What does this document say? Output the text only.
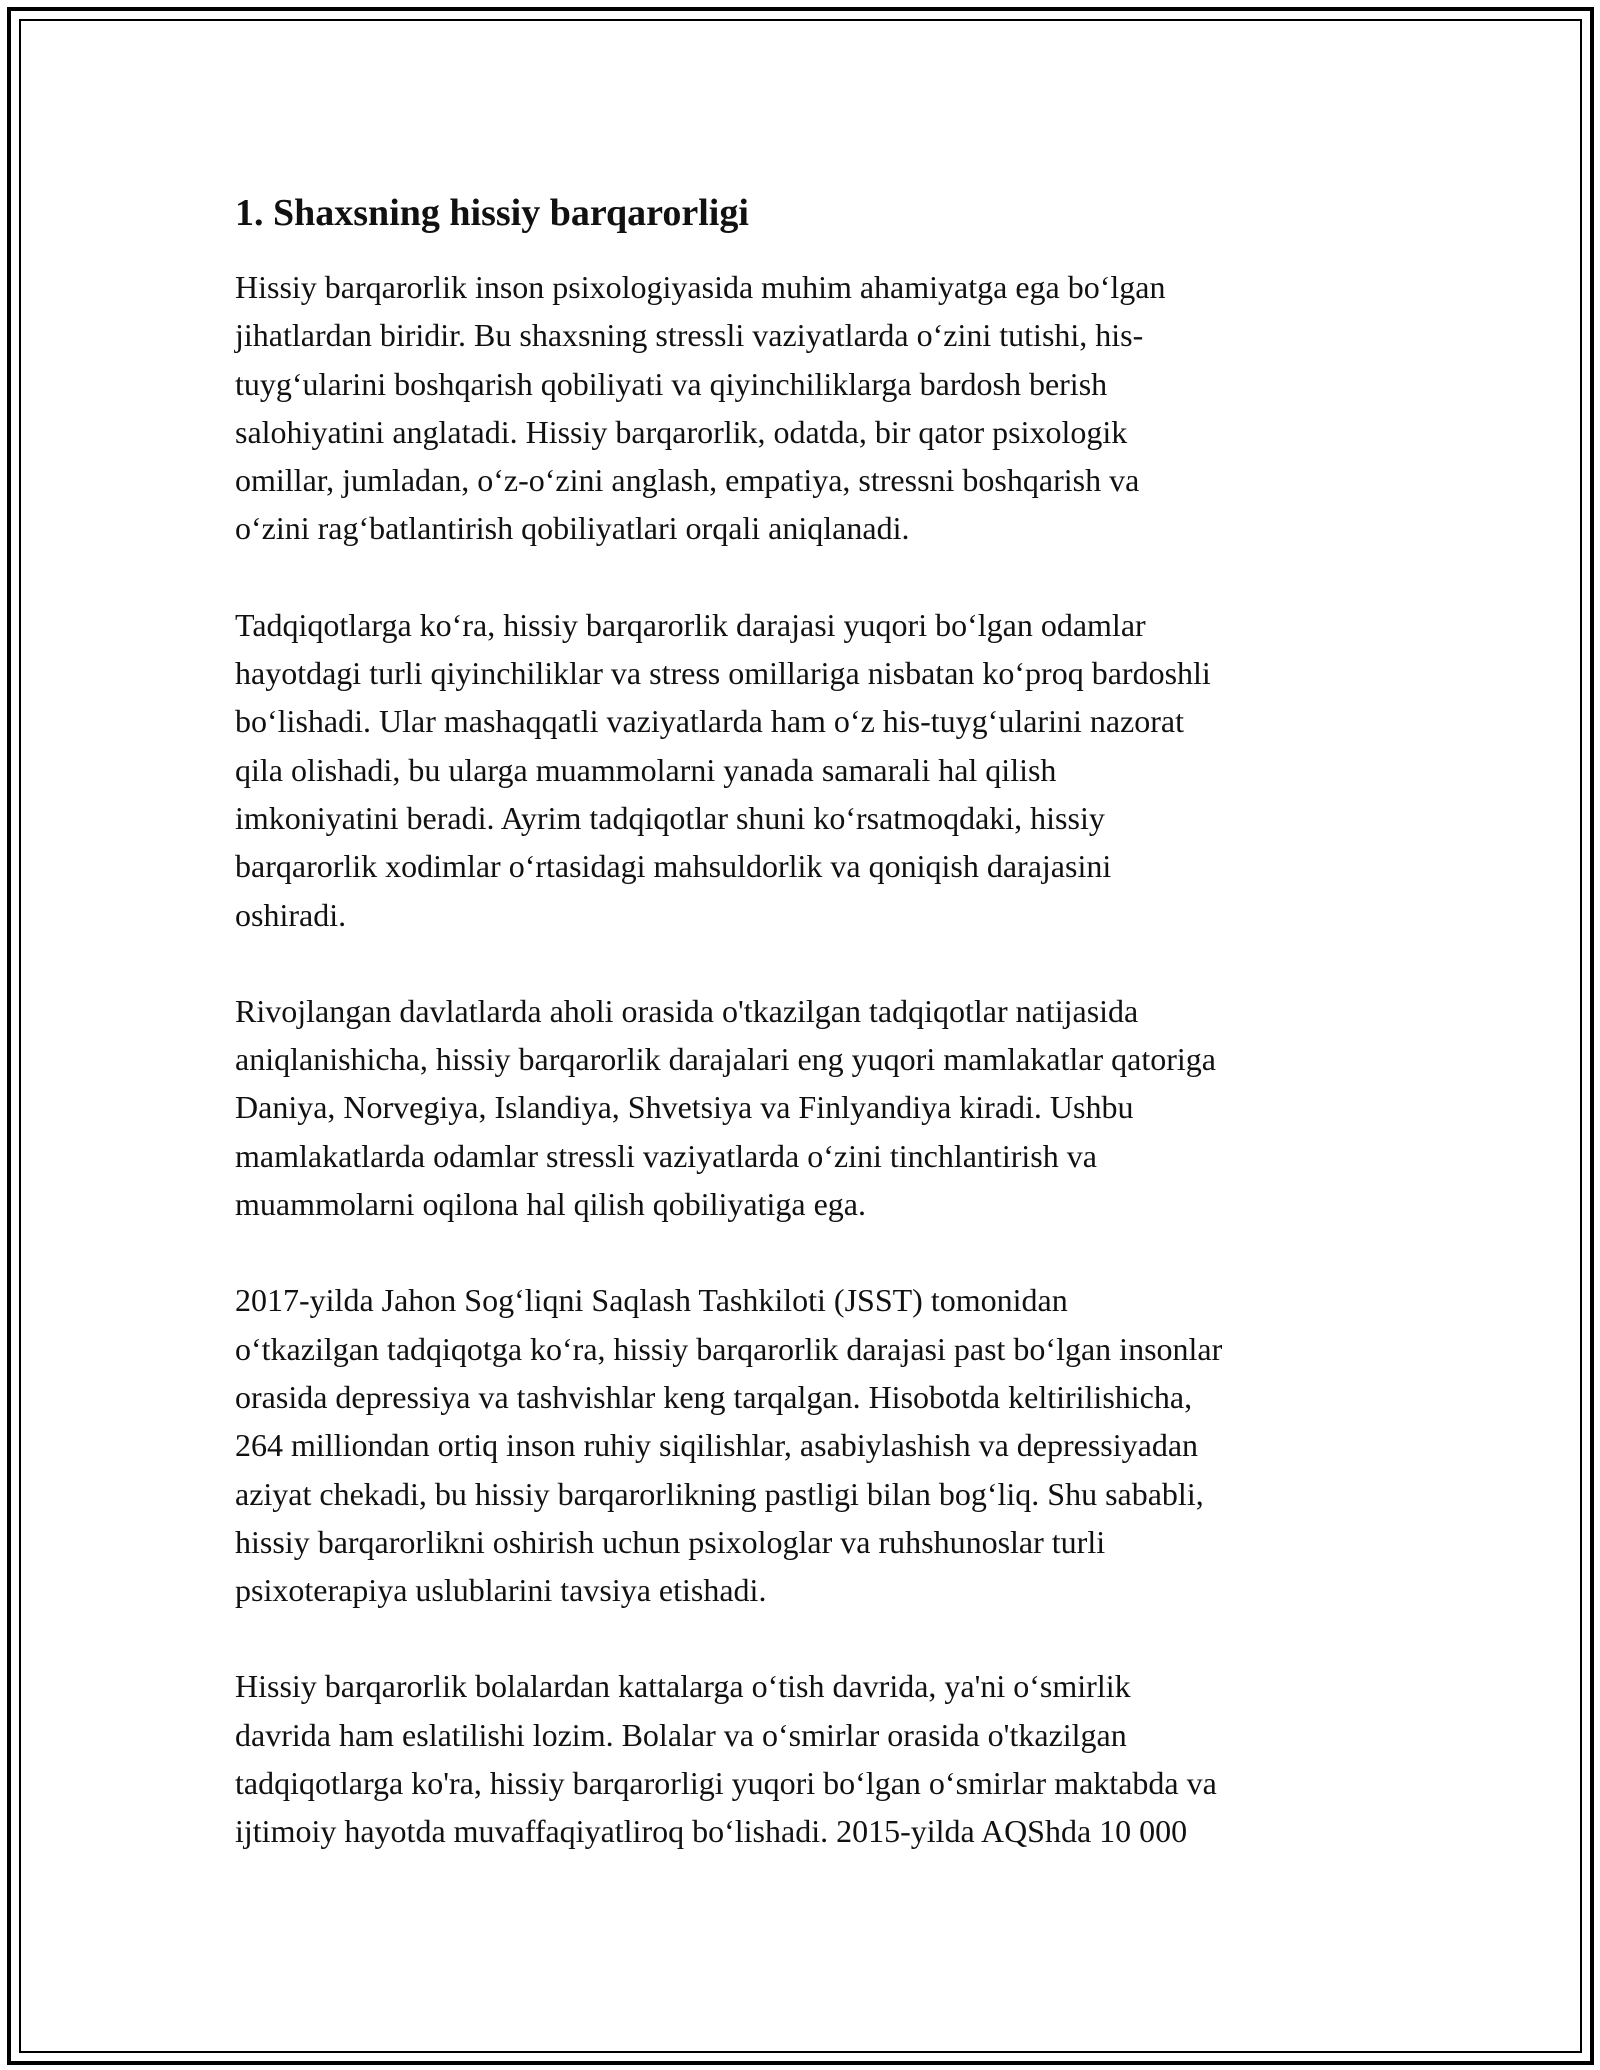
1. Shaxsning hissiy barqarorligi

Hissiy barqarorlik inson psixologiyasida muhim ahamiyatga ega bo‘lgan
jihatlardan biridir. Bu shaxsning stressli vaziyatlarda o‘zini tutishi, his-
tuyg‘ularini boshqarish qobiliyati va qiyinchiliklarga bardosh berish
salohiyatini anglatadi. Hissiy barqarorlik, odatda, bir qator psixologik
omillar, jumladan, o‘z-o‘zini anglash, empatiya, stressni boshqarish va
o‘zini rag‘batlantirish qobiliyatlari orqali aniqlanadi.

Tadqiqotlarga ko‘ra, hissiy barqarorlik darajasi yuqori bo‘lgan odamlar
hayotdagi turli qiyinchiliklar va stress omillariga nisbatan ko‘proq bardoshli
bo‘lishadi. Ular mashaqqatli vaziyatlarda ham o‘z his-tuyg‘ularini nazorat
qila olishadi, bu ularga muammolarni yanada samarali hal qilish
imkoniyatini beradi. Ayrim tadqiqotlar shuni ko‘rsatmoqdaki, hissiy
barqarorlik xodimlar o‘rtasidagi mahsuldorlik va qoniqish darajasini
oshiradi.

Rivojlangan davlatlarda aholi orasida o'tkazilgan tadqiqotlar natijasida
aniqlanishicha, hissiy barqarorlik darajalari eng yuqori mamlakatlar qatoriga
Daniya, Norvegiya, Islandiya, Shvetsiya va Finlyandiya kiradi. Ushbu
mamlakatlarda odamlar stressli vaziyatlarda o‘zini tinchlantirish va
muammolarni oqilona hal qilish qobiliyatiga ega.

2017-yilda Jahon Sog‘liqni Saqlash Tashkiloti (JSST) tomonidan
o‘tkazilgan tadqiqotga ko‘ra, hissiy barqarorlik darajasi past bo‘lgan insonlar
orasida depressiya va tashvishlar keng tarqalgan. Hisobotda keltirilishicha,
264 milliondan ortiq inson ruhiy siqilishlar, asabiylashish va depressiyadan
aziyat chekadi, bu hissiy barqarorlikning pastligi bilan bog‘liq. Shu sababli,
hissiy barqarorlikni oshirish uchun psixologlar va ruhshunoslar turli
psixoterapiya uslublarini tavsiya etishadi.

Hissiy barqarorlik bolalardan kattalarga o‘tish davrida, ya'ni o‘smirlik
davrida ham eslatilishi lozim. Bolalar va o‘smirlar orasida o'tkazilgan
tadqiqotlarga ko'ra, hissiy barqarorligi yuqori bo‘lgan o‘smirlar maktabda va
ijtimoiy hayotda muvaffaqiyatliroq bo‘lishadi. 2015-yilda AQShda 10 000
